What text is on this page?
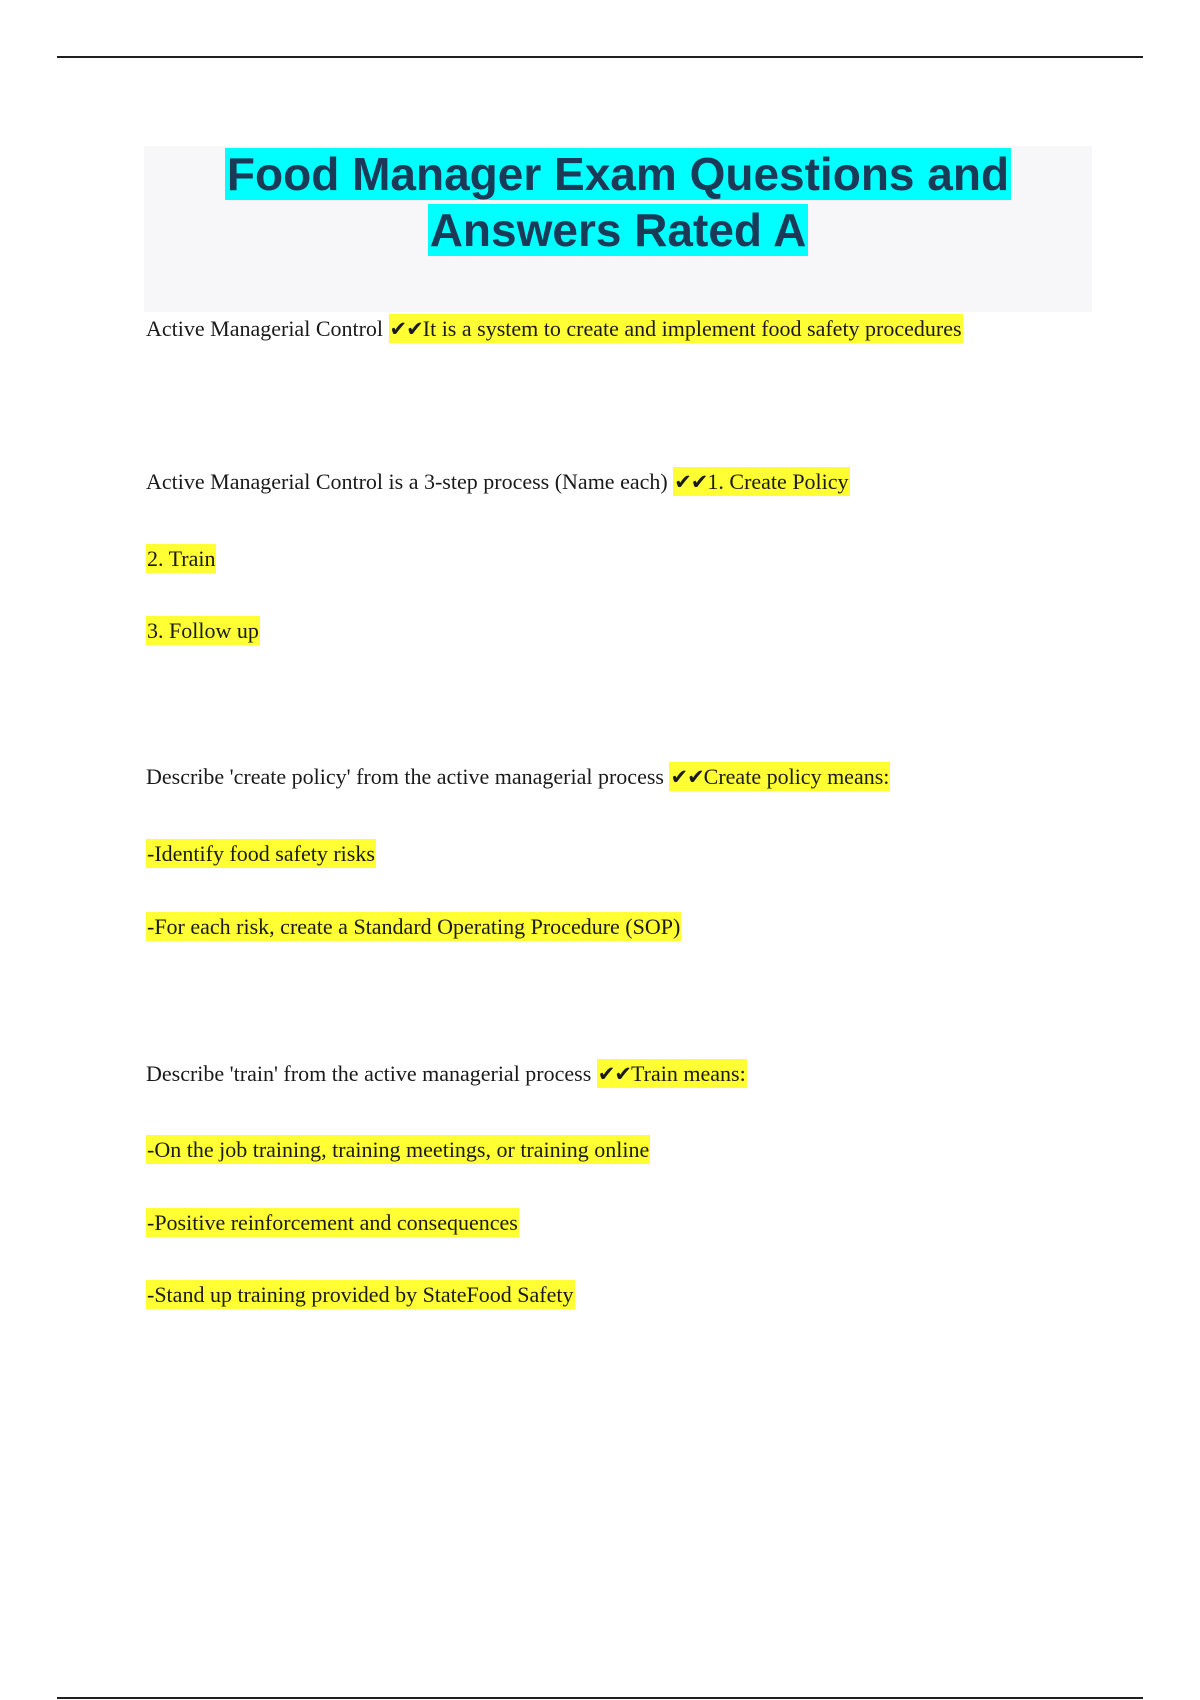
Food Manager Exam Questions and
Answers Rated A

Active Managerial Control ✔✔It is a system to create and implement food safety procedures

Active Managerial Control is a 3-step process (Name each) ✔✔1. Create Policy

2. Train

3. Follow up

Describe 'create policy' from the active managerial process ✔✔Create policy means:

-Identify food safety risks

-For each risk, create a Standard Operating Procedure (SOP)

Describe 'train' from the active managerial process ✔✔Train means:

-On the job training, training meetings, or training online

-Positive reinforcement and consequences

-Stand up training provided by StateFood Safety
